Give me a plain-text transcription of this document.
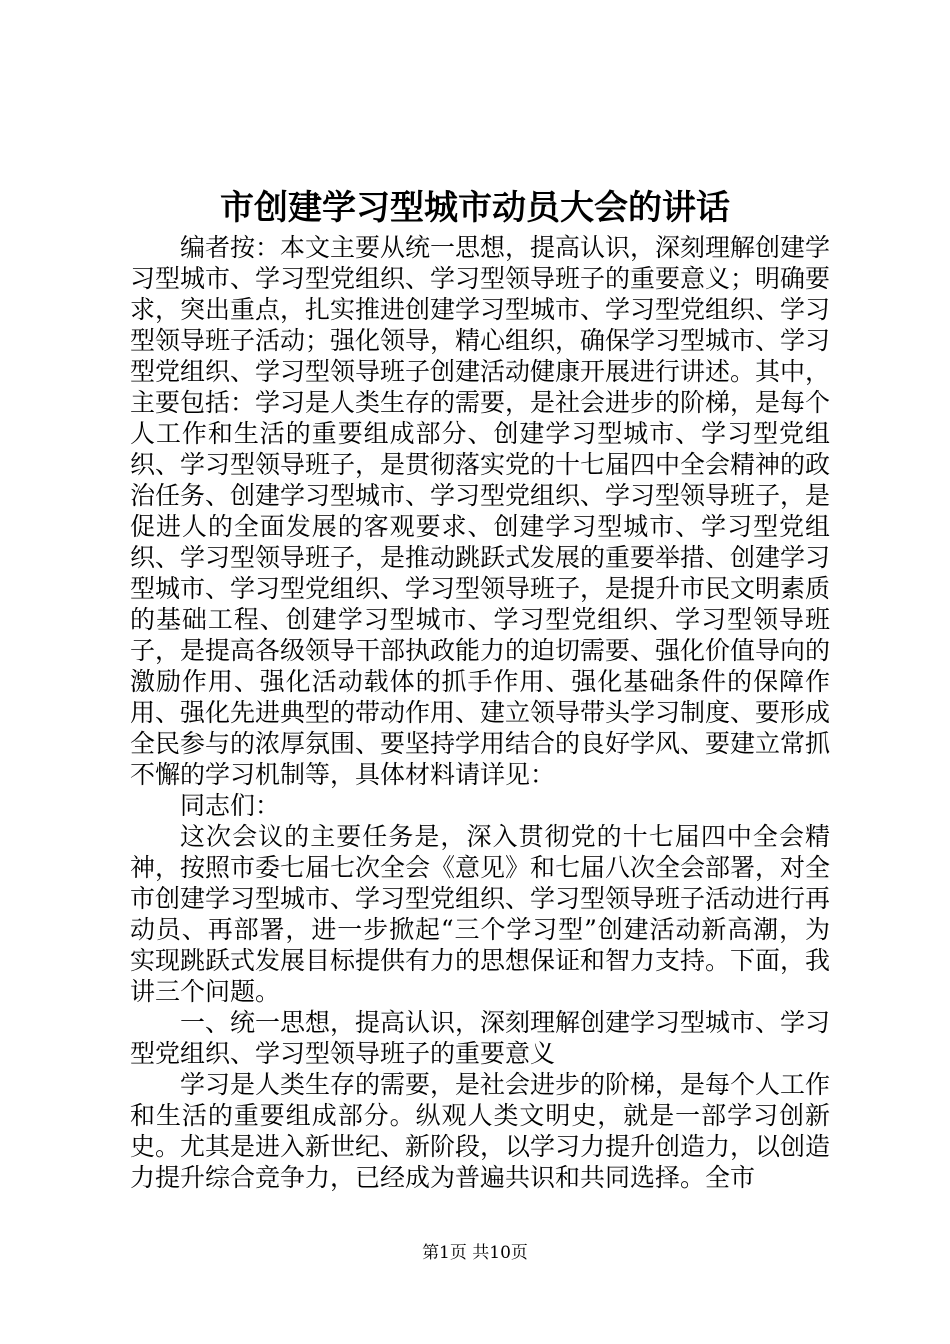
市创建学习型城市动员大会的讲话

编者按：本文主要从统一思想，提高认识，深刻理解创建学习型城市、学习型党组织、学习型领导班子的重要意义；明确要求，突出重点，扎实推进创建学习型城市、学习型党组织、学习型领导班子活动；强化领导，精心组织，确保学习型城市、学习型党组织、学习型领导班子创建活动健康开展进行讲述。其中，主要包括：学习是人类生存的需要，是社会进步的阶梯，是每个人工作和生活的重要组成部分、创建学习型城市、学习型党组织、学习型领导班子，是贯彻落实党的十七届四中全会精神的政治任务、创建学习型城市、学习型党组织、学习型领导班子，是促进人的全面发展的客观要求、创建学习型城市、学习型党组织、学习型领导班子，是推动跳跃式发展的重要举措、创建学习型城市、学习型党组织、学习型领导班子，是提升市民文明素质的基础工程、创建学习型城市、学习型党组织、学习型领导班子，是提高各级领导干部执政能力的迫切需要、强化价值导向的激励作用、强化活动载体的抓手作用、强化基础条件的保障作用、强化先进典型的带动作用、建立领导带头学习制度、要形成全民参与的浓厚氛围、要坚持学用结合的良好学风、要建立常抓不懈的学习机制等，具体材料请详见：

同志们：

这次会议的主要任务是，深入贯彻党的十七届四中全会精神，按照市委七届七次全会《意见》和七届八次全会部署，对全市创建学习型城市、学习型党组织、学习型领导班子活动进行再动员、再部署，进一步掀起“三个学习型”创建活动新高潮，为实现跳跃式发展目标提供有力的思想保证和智力支持。下面，我讲三个问题。

一、统一思想，提高认识，深刻理解创建学习型城市、学习型党组织、学习型领导班子的重要意义

学习是人类生存的需要，是社会进步的阶梯，是每个人工作和生活的重要组成部分。纵观人类文明史，就是一部学习创新史。尤其是进入新世纪、新阶段，以学习力提升创造力，以创造力提升综合竞争力，已经成为普遍共识和共同选择。全市

第1页 共10页
